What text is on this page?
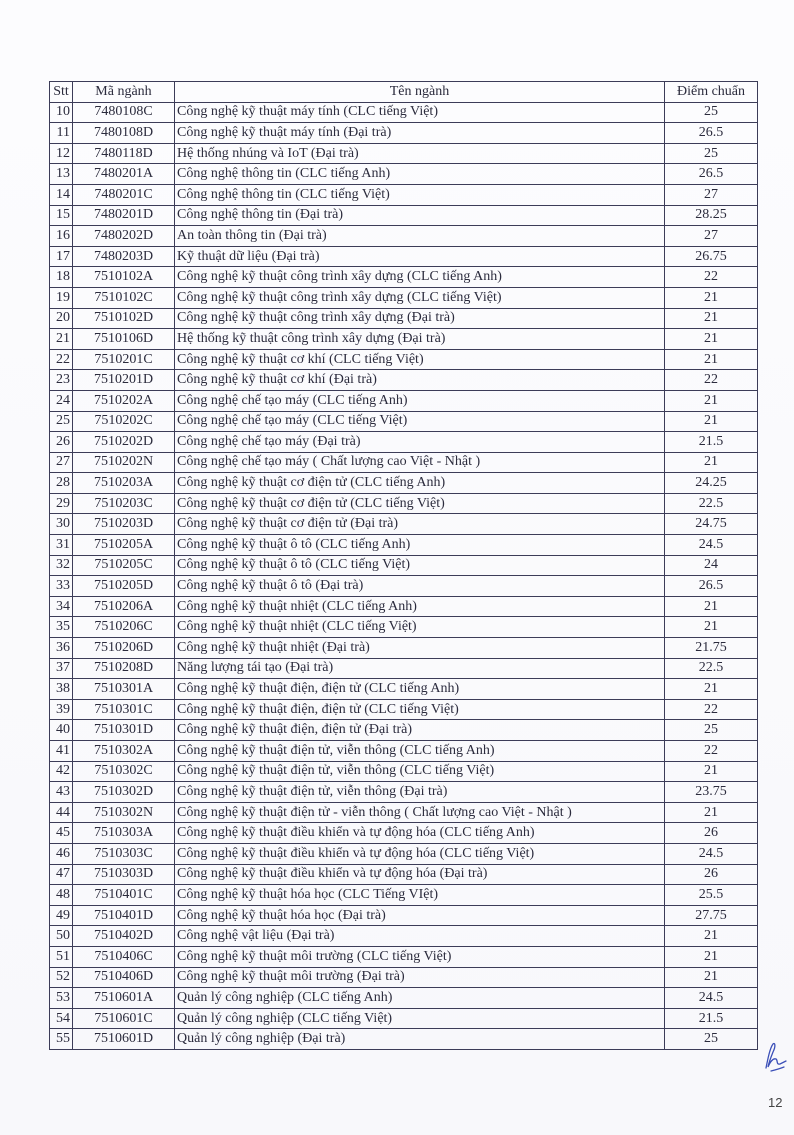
Stt	Mã ngành	Tên ngành	Điểm chuẩn
10	7480108C	Công nghệ kỹ thuật máy tính (CLC tiếng Việt)	25
11	7480108D	Công nghệ kỹ thuật máy tính (Đại trà)	26.5
12	7480118D	Hệ thống nhúng và IoT (Đại trà)	25
13	7480201A	Công nghệ thông tin (CLC tiếng Anh)	26.5
14	7480201C	Công nghệ thông tin (CLC tiếng Việt)	27
15	7480201D	Công nghệ thông tin (Đại trà)	28.25
16	7480202D	An toàn thông tin (Đại trà)	27
17	7480203D	Kỹ thuật dữ liệu (Đại trà)	26.75
18	7510102A	Công nghệ kỹ thuật công trình xây dựng (CLC tiếng Anh)	22
19	7510102C	Công nghệ kỹ thuật công trình xây dựng (CLC tiếng Việt)	21
20	7510102D	Công nghệ kỹ thuật công trình xây dựng (Đại trà)	21
21	7510106D	Hệ thống kỹ thuật công trình xây dựng (Đại trà)	21
22	7510201C	Công nghệ kỹ thuật cơ khí (CLC tiếng Việt)	21
23	7510201D	Công nghệ kỹ thuật cơ khí (Đại trà)	22
24	7510202A	Công nghệ chế tạo máy (CLC tiếng Anh)	21
25	7510202C	Công nghệ chế tạo máy (CLC tiếng Việt)	21
26	7510202D	Công nghệ chế tạo máy (Đại trà)	21.5
27	7510202N	Công nghệ chế tạo máy ( Chất lượng cao Việt - Nhật )	21
28	7510203A	Công nghệ kỹ thuật cơ điện tử (CLC tiếng Anh)	24.25
29	7510203C	Công nghệ kỹ thuật cơ điện tử (CLC tiếng Việt)	22.5
30	7510203D	Công nghệ kỹ thuật cơ điện tử (Đại trà)	24.75
31	7510205A	Công nghệ kỹ thuật ô tô (CLC tiếng Anh)	24.5
32	7510205C	Công nghệ kỹ thuật ô tô (CLC tiếng Việt)	24
33	7510205D	Công nghệ kỹ thuật ô tô (Đại trà)	26.5
34	7510206A	Công nghệ kỹ thuật nhiệt (CLC tiếng Anh)	21
35	7510206C	Công nghệ kỹ thuật nhiệt (CLC tiếng Việt)	21
36	7510206D	Công nghệ kỹ thuật nhiệt (Đại trà)	21.75
37	7510208D	Năng lượng tái tạo (Đại trà)	22.5
38	7510301A	Công nghệ kỹ thuật điện, điện tử (CLC tiếng Anh)	21
39	7510301C	Công nghệ kỹ thuật điện, điện tử (CLC tiếng Việt)	22
40	7510301D	Công nghệ kỹ thuật điện, điện tử (Đại trà)	25
41	7510302A	Công nghệ kỹ thuật điện tử, viễn thông (CLC tiếng Anh)	22
42	7510302C	Công nghệ kỹ thuật điện tử, viễn thông (CLC tiếng Việt)	21
43	7510302D	Công nghệ kỹ thuật điện tử, viễn thông (Đại trà)	23.75
44	7510302N	Công nghệ kỹ thuật điện tử - viễn thông ( Chất lượng cao Việt - Nhật )	21
45	7510303A	Công nghệ kỹ thuật điều khiển và tự động hóa (CLC tiếng Anh)	26
46	7510303C	Công nghệ kỹ thuật điều khiển và tự động hóa (CLC tiếng Việt)	24.5
47	7510303D	Công nghệ kỹ thuật điều khiển và tự động hóa (Đại trà)	26
48	7510401C	Công nghệ kỹ thuật hóa học (CLC Tiếng VIệt)	25.5
49	7510401D	Công nghệ kỹ thuật hóa học (Đại trà)	27.75
50	7510402D	Công nghệ vật liệu (Đại trà)	21
51	7510406C	Công nghệ kỹ thuật môi trường (CLC tiếng Việt)	21
52	7510406D	Công nghệ kỹ thuật môi trường (Đại trà)	21
53	7510601A	Quản lý công nghiệp (CLC tiếng Anh)	24.5
54	7510601C	Quản lý công nghiệp (CLC tiếng Việt)	21.5
55	7510601D	Quản lý công nghiệp (Đại trà)	25
12
